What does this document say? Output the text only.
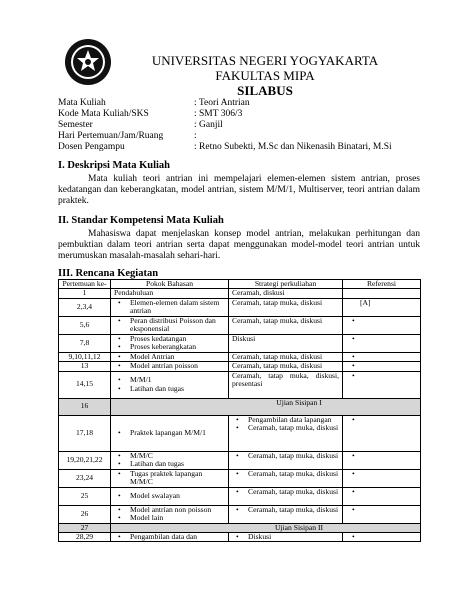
UNIVERSITAS NEGERI YOGYAKARTA
FAKULTAS MIPA
SILABUS
Mata Kuliah	: Teori Antrian
Kode Mata Kuliah/SKS	: SMT 306/3
Semester	: Ganjil
Hari Pertemuan/Jam/Ruang	:
Dosen Pengampu	: Retno Subekti, M.Sc dan Nikenasih Binatari, M.Si
I. Deskripsi Mata Kuliah
Mata kuliah teori antrian ini mempelajari elemen-elemen sistem antrian, proses kedatangan dan keberangkatan, model antrian, sistem M/M/1, Multiserver, teori antrian dalam praktek.
II. Standar Kompetensi Mata Kuliah
Mahasiswa dapat menjelaskan konsep model antrian, melakukan perhitungan dan pembuktian dalam teori antrian serta dapat menggunakan model-model teori antrian untuk merumuskan masalah-masalah sehari-hari.
III. Rencana Kegiatan
Pertemuan ke-	Pokok Bahasan	Strategi perkuliahan	Referensi
1	Pendahuluan	Ceramah, diskusi	
2,3,4	• Elemen-elemen dalam sistem antrian	Ceramah, tatap muka, diskusi	[A]
5,6	• Peran distribusi Poisson dan eksponensial	Ceramah, tatap muka, diskusi	•
7,8	• Proses kedatangan
• Proses keberangkatan	Diskusi	•
9,10,11,12	• Model Antrian	Ceramah, tatap muka, diskusi	•
13	• Model antrian poisson	Ceramah, tatap muka, diskusi	•
14,15	• M/M/1
• Latihan dan tugas	Ceramah, tatap muka, diskusi, presentasi	•
16	Ujian Sisipan I		
17,18	• Praktek lapangan M/M/1	• Pengambilan data lapangan
• Ceramah, tatap muka, diskusi	•
19,20,21,22	• M/M/C
• Latihan dan tugas	• Ceramah, tatap muka, diskusi	•
23,24	• Tugas praktek lapangan M/M/C	• Ceramah, tatap muka, diskusi	•
25	• Model swalayan	• Ceramah, tatap muka, diskusi	•
26	• Model antrian non poisson
• Model lain	• Ceramah, tatap muka, diskusi	•
27	Ujian Sisipan II		
28,29	• Pengambilan data dan	• Diskusi	•
